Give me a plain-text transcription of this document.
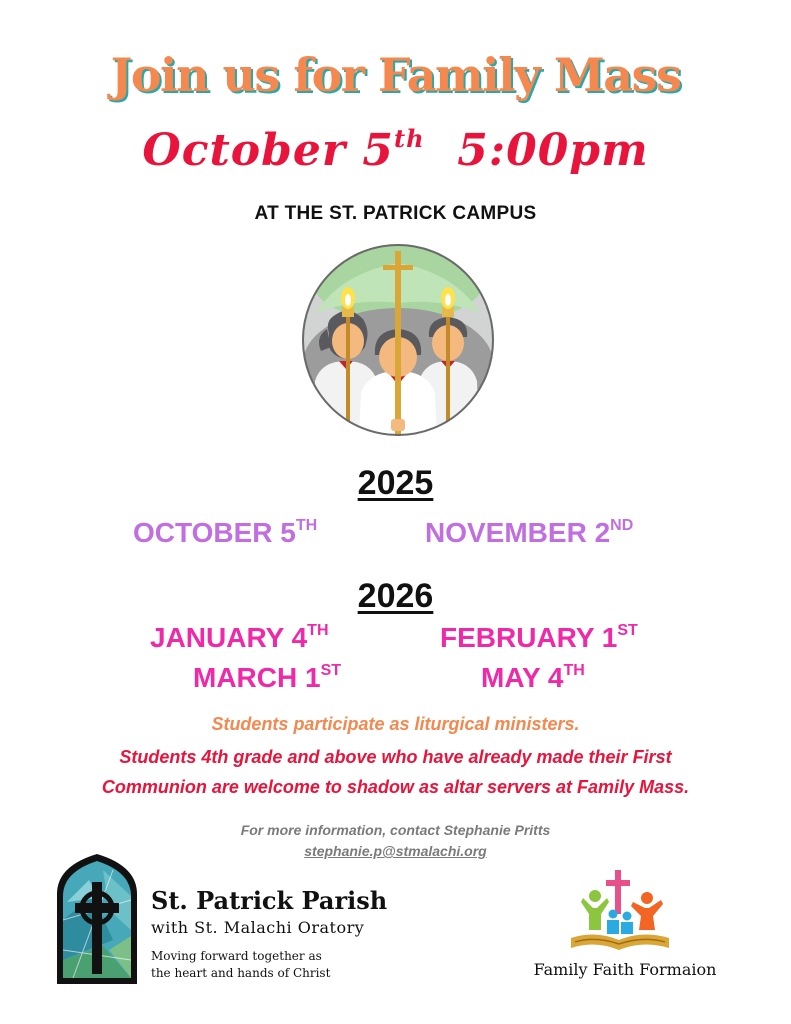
Join us for Family Mass
October 5th 5:00pm
AT THE ST. PATRICK CAMPUS
2025
OCTOBER 5TH	NOVEMBER 2ND
2026
JANUARY 4TH	FEBRUARY 1ST
MARCH 1ST	MAY 4TH
Students participate as liturgical ministers.
Students 4th grade and above who have already made their First
Communion are welcome to shadow as altar servers at Family Mass.
For more information, contact Stephanie Pritts
stephanie.p@stmalachi.org
St. Patrick Parish
with St. Malachi Oratory
Moving forward together as
the heart and hands of Christ	Family Faith Formaion
